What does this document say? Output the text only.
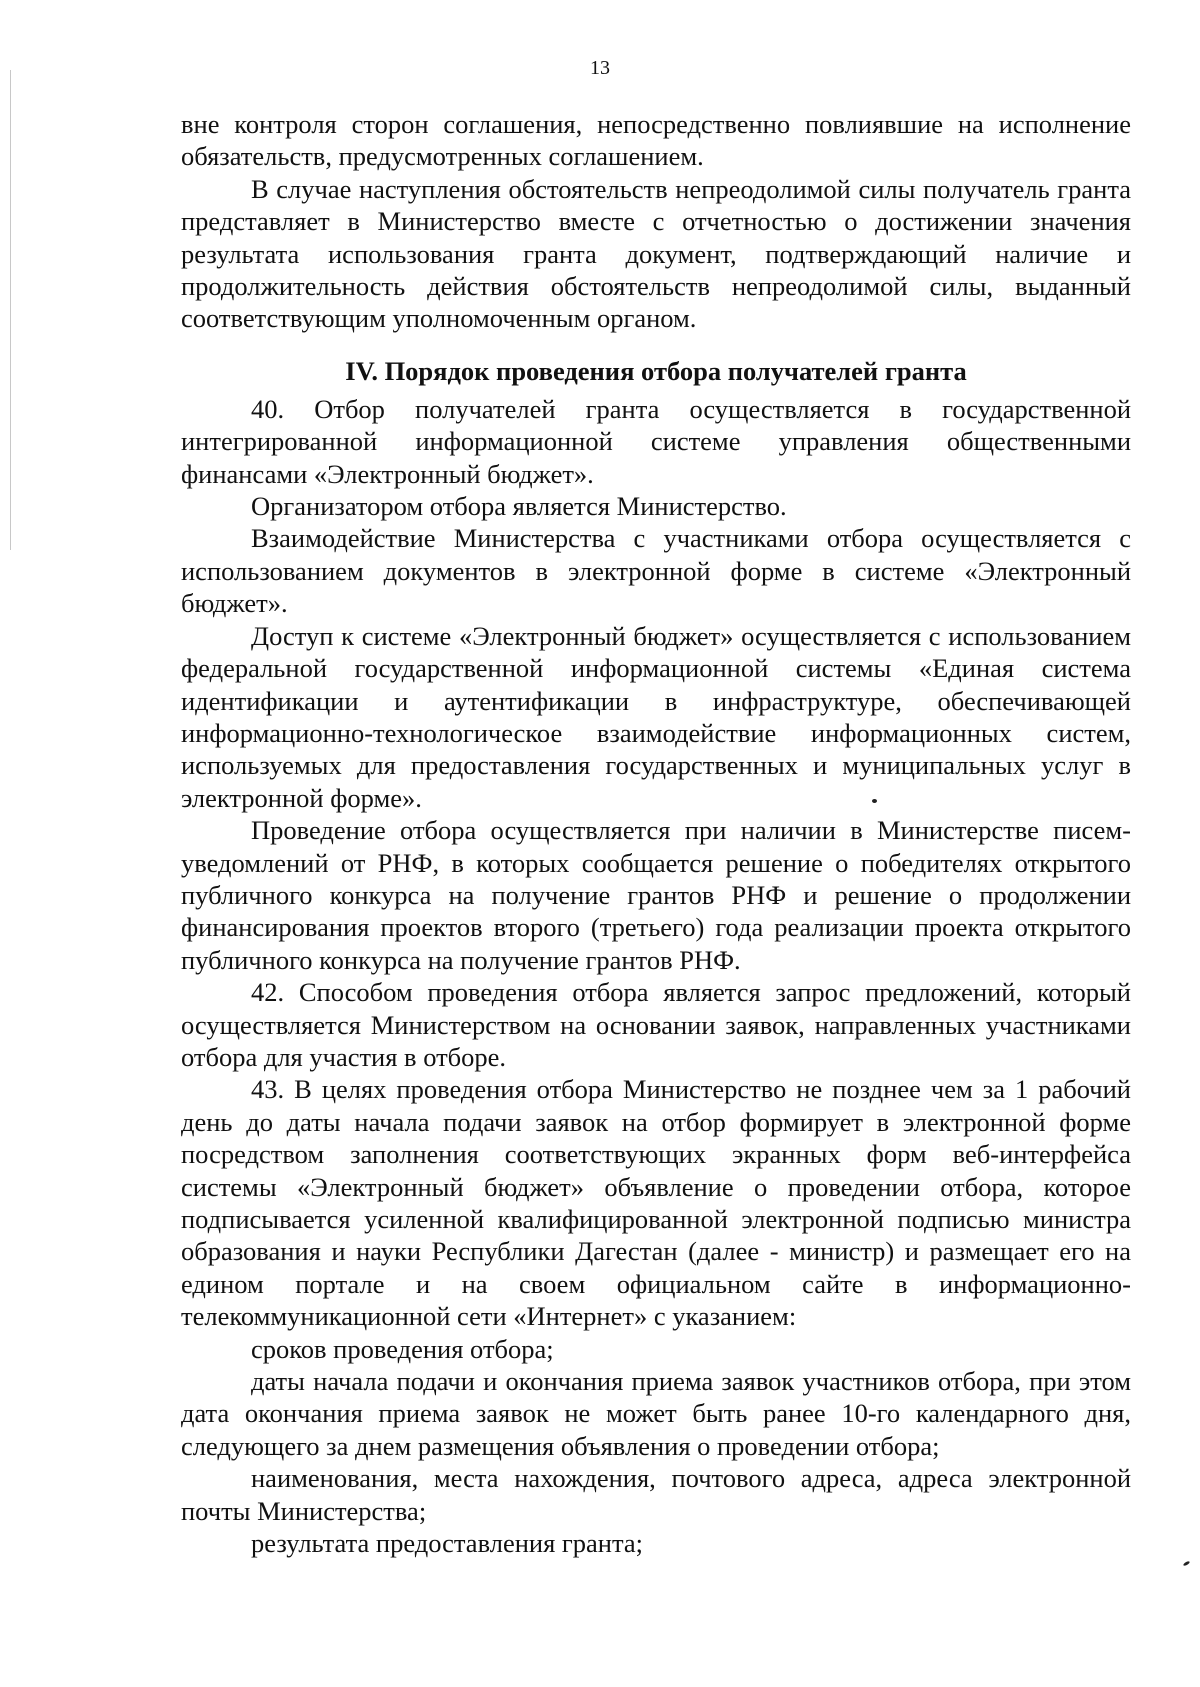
13

вне контроля сторон соглашения, непосредственно повлиявшие на исполнение обязательств, предусмотренных соглашением.

В случае наступления обстоятельств непреодолимой силы получатель гранта представляет в Министерство вместе с отчетностью о достижении значения результата использования гранта документ, подтверждающий наличие и продолжительность действия обстоятельств непреодолимой силы, выданный соответствующим уполномоченным органом.

IV. Порядок проведения отбора получателей гранта

40. Отбор получателей гранта осуществляется в государственной интегрированной информационной системе управления общественными финансами «Электронный бюджет».

Организатором отбора является Министерство.

Взаимодействие Министерства с участниками отбора осуществляется с использованием документов в электронной форме в системе «Электронный бюджет».

Доступ к системе «Электронный бюджет» осуществляется с использованием федеральной государственной информационной системы «Единая система идентификации и аутентификации в инфраструктуре, обеспечивающей информационно-технологическое взаимодействие информационных систем, используемых для предоставления государственных и муниципальных услуг в электронной форме».

Проведение отбора осуществляется при наличии в Министерстве писем-уведомлений от РНФ, в которых сообщается решение о победителях открытого публичного конкурса на получение грантов РНФ и решение о продолжении финансирования проектов второго (третьего) года реализации проекта открытого публичного конкурса на получение грантов РНФ.

42. Способом проведения отбора является запрос предложений, который осуществляется Министерством на основании заявок, направленных участниками отбора для участия в отборе.

43. В целях проведения отбора Министерство не позднее чем за 1 рабочий день до даты начала подачи заявок на отбор формирует в электронной форме посредством заполнения соответствующих экранных форм веб-интерфейса системы «Электронный бюджет» объявление о проведении отбора, которое подписывается усиленной квалифицированной электронной подписью министра образования и науки Республики Дагестан (далее - министр) и размещает его на едином портале и на своем официальном сайте в информационно-телекоммуникационной сети «Интернет» с указанием:

сроков проведения отбора;

даты начала подачи и окончания приема заявок участников отбора, при этом дата окончания приема заявок не может быть ранее 10-го календарного дня, следующего за днем размещения объявления о проведении отбора;

наименования, места нахождения, почтового адреса, адреса электронной почты Министерства;

результата предоставления гранта;
